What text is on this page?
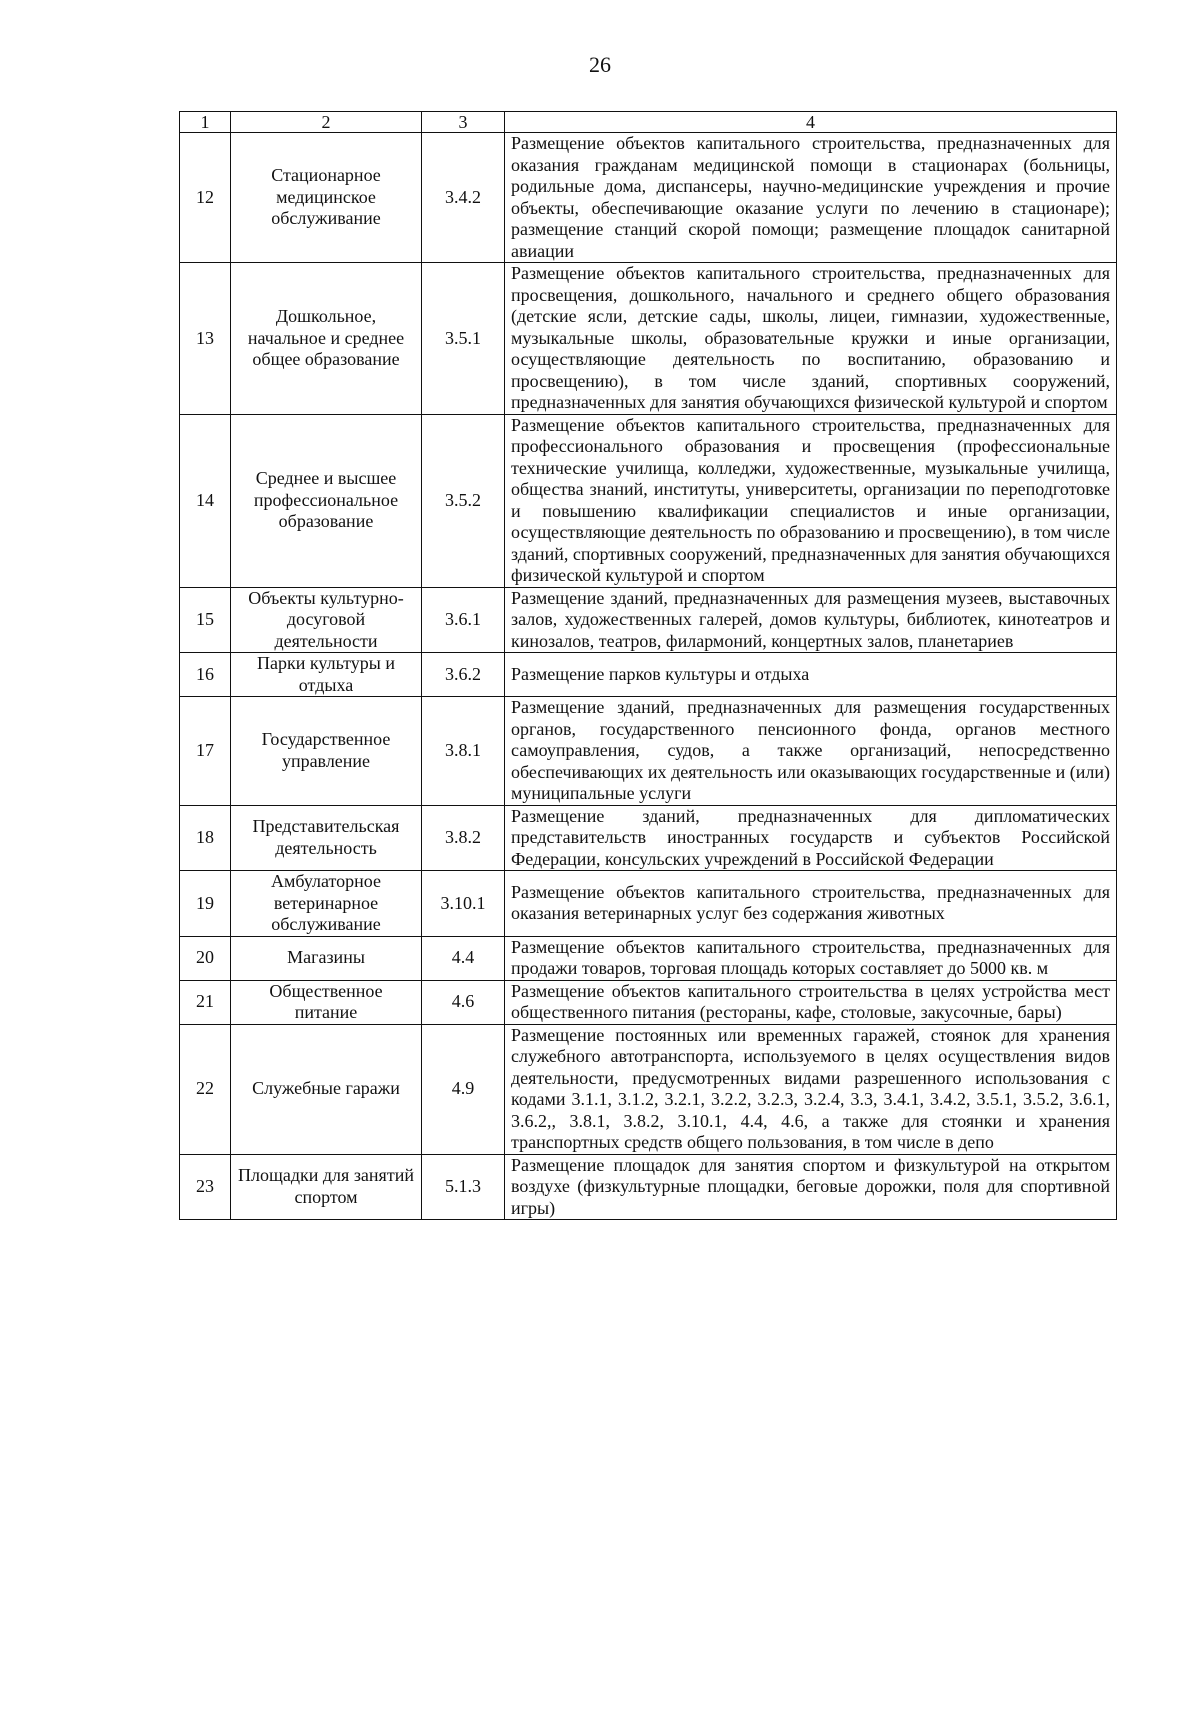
26
1	2	3	4
12	Стационарное медицинское обслуживание	3.4.2	Размещение объектов капитального строительства, предназначенных для оказания гражданам медицинской помощи в стационарах (больницы, родильные дома, диспансеры, научно-медицинские учреждения и прочие объекты, обеспечивающие оказание услуги по лечению в стационаре); размещение станций скорой помощи; размещение площадок санитарной авиации
13	Дошкольное, начальное и среднее общее образование	3.5.1	Размещение объектов капитального строительства, предназначенных для просвещения, дошкольного, начального и среднего общего образования (детские ясли, детские сады, школы, лицеи, гимназии, художественные, музыкальные школы, образовательные кружки и иные организации, осуществляющие деятельность по воспитанию, образованию и просвещению), в том числе зданий, спортивных сооружений, предназначенных для занятия обучающихся физической культурой и спортом
14	Среднее и высшее профессиональное образование	3.5.2	Размещение объектов капитального строительства, предназначенных для профессионального образования и просвещения (профессиональные технические училища, колледжи, художественные, музыкальные училища, общества знаний, институты, университеты, организации по переподготовке и повышению квалификации специалистов и иные организации, осуществляющие деятельность по образованию и просвещению), в том числе зданий, спортивных сооружений, предназначенных для занятия обучающихся физической культурой и спортом
15	Объекты культурно-досуговой деятельности	3.6.1	Размещение зданий, предназначенных для размещения музеев, выставочных залов, художественных галерей, домов культуры, библиотек, кинотеатров и кинозалов, театров, филармоний, концертных залов, планетариев
16	Парки культуры и отдыха	3.6.2	Размещение парков культуры и отдыха
17	Государственное управление	3.8.1	Размещение зданий, предназначенных для размещения государственных органов, государственного пенсионного фонда, органов местного самоуправления, судов, а также организаций, непосредственно обеспечивающих их деятельность или оказывающих государственные и (или) муниципальные услуги
18	Представительская деятельность	3.8.2	Размещение зданий, предназначенных для дипломатических представительств иностранных государств и субъектов Российской Федерации, консульских учреждений в Российской Федерации
19	Амбулаторное ветеринарное обслуживание	3.10.1	Размещение объектов капитального строительства, предназначенных для оказания ветеринарных услуг без содержания животных
20	Магазины	4.4	Размещение объектов капитального строительства, предназначенных для продажи товаров, торговая площадь которых составляет до 5000 кв. м
21	Общественное питание	4.6	Размещение объектов капитального строительства в целях устройства мест общественного питания (рестораны, кафе, столовые, закусочные, бары)
22	Служебные гаражи	4.9	Размещение постоянных или временных гаражей, стоянок для хранения служебного автотранспорта, используемого в целях осуществления видов деятельности, предусмотренных видами разрешенного использования с кодами 3.1.1, 3.1.2, 3.2.1, 3.2.2, 3.2.3, 3.2.4, 3.3, 3.4.1, 3.4.2, 3.5.1, 3.5.2, 3.6.1, 3.6.2,, 3.8.1, 3.8.2, 3.10.1, 4.4, 4.6, а также для стоянки и хранения транспортных средств общего пользования, в том числе в депо
23	Площадки для занятий спортом	5.1.3	Размещение площадок для занятия спортом и физкультурой на открытом воздухе (физкультурные площадки, беговые дорожки, поля для спортивной игры)
